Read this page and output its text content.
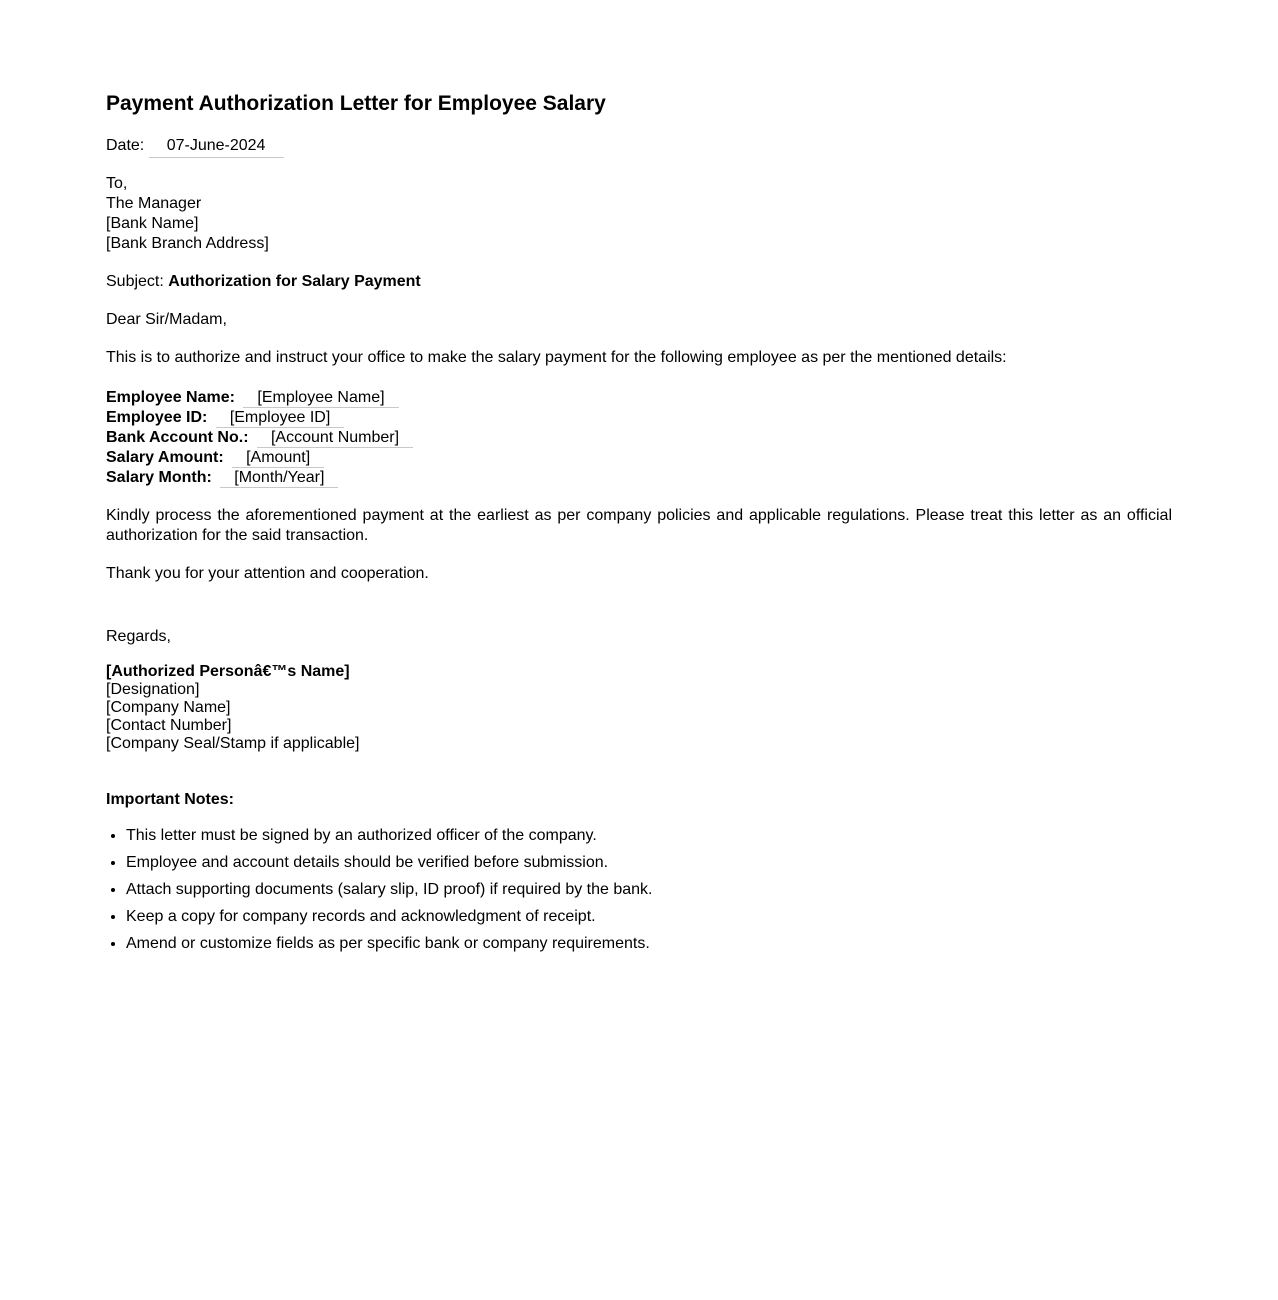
Payment Authorization Letter for Employee Salary
Date: 07-June-2024
To,
The Manager
[Bank Name]
[Bank Branch Address]
Subject: Authorization for Salary Payment
Dear Sir/Madam,
This is to authorize and instruct your office to make the salary payment for the following employee as per the mentioned details:
Employee Name: [Employee Name]
Employee ID: [Employee ID]
Bank Account No.: [Account Number]
Salary Amount: [Amount]
Salary Month: [Month/Year]
Kindly process the aforementioned payment at the earliest as per company policies and applicable regulations. Please treat this letter as an official authorization for the said transaction.
Thank you for your attention and cooperation.
Regards,
[Authorized Personâ€™s Name]
[Designation]
[Company Name]
[Contact Number]
[Company Seal/Stamp if applicable]
Important Notes:
• This letter must be signed by an authorized officer of the company.
• Employee and account details should be verified before submission.
• Attach supporting documents (salary slip, ID proof) if required by the bank.
• Keep a copy for company records and acknowledgment of receipt.
• Amend or customize fields as per specific bank or company requirements.
